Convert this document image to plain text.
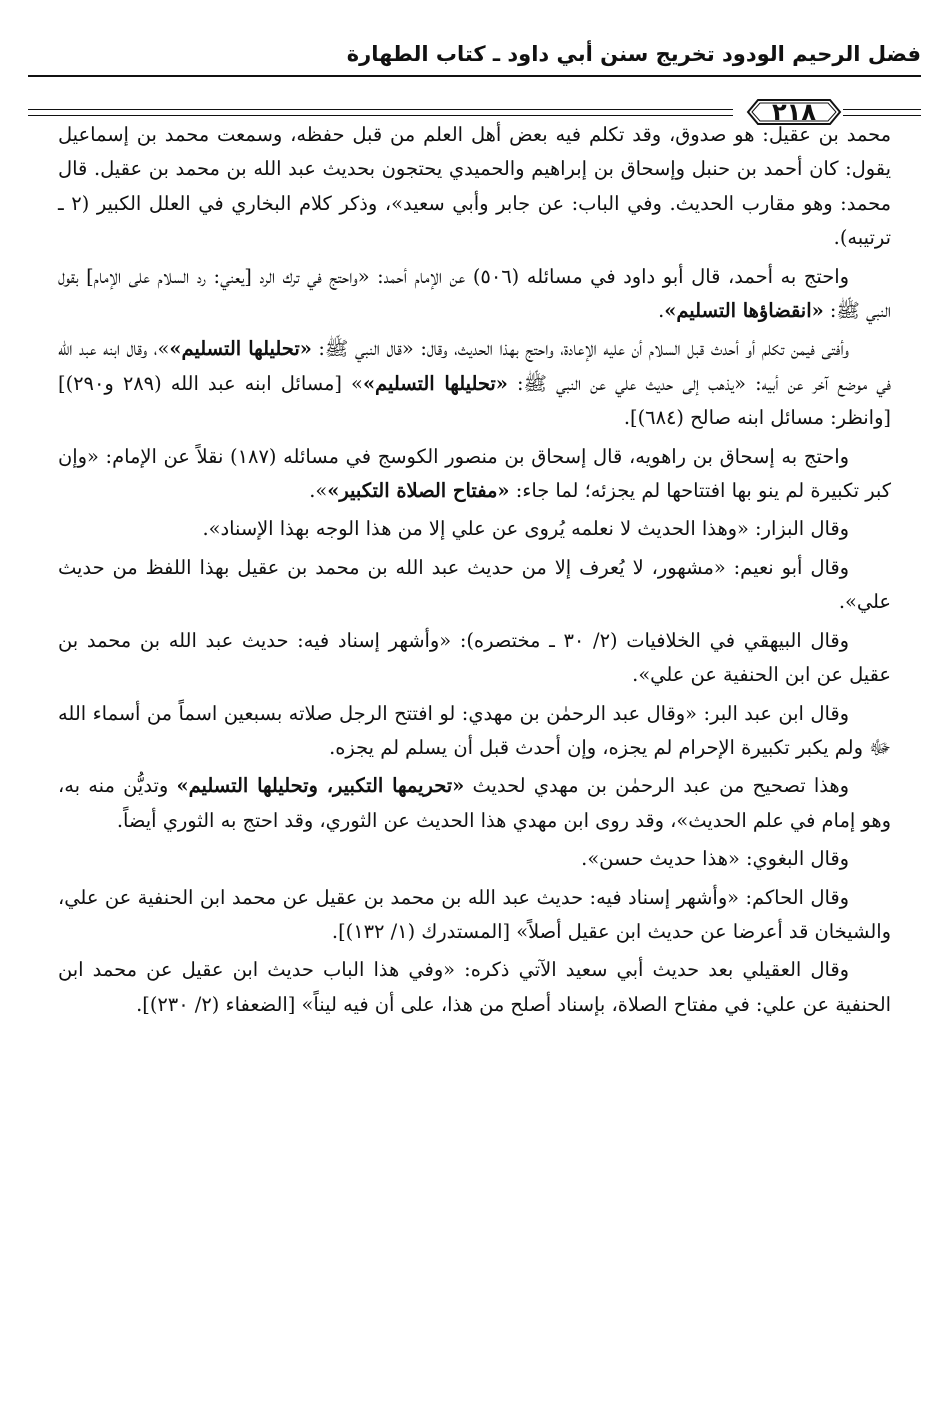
فضل الرحيم الودود تخريج سنن أبي داود ـ كتاب الطهارة
٢١٨

محمد بن عقيل: هو صدوق، وقد تكلم فيه بعض أهل العلم من قبل حفظه، وسمعت محمد بن إسماعيل يقول: كان أحمد بن حنبل وإسحاق بن إبراهيم والحميدي يحتجون بحديث عبد الله بن محمد بن عقيل. قال محمد: وهو مقارب الحديث. وفي الباب: عن جابر وأبي سعيد»، وذكر كلام البخاري في العلل الكبير (٢ ـ ترتيبه).

واحتج به أحمد، قال أبو داود في مسائله (٥٠٦) عن الإمام أحمد: «واحتج في ترك الرد [يعني: رد السلام على الإمام] بقول النبي ﷺ: «انقضاؤها التسليم».

وأفتى فيمن تكلم أو أحدث قبل السلام أن عليه الإعادة، واحتج بهذا الحديث، وقال: «قال النبي ﷺ: «تحليلها التسليم»»، وقال ابنه عبد الله في موضع آخر عن أبيه: «يذهب إلى حديث علي عن النبي ﷺ: «تحليلها التسليم»» [مسائل ابنه عبد الله (٢٨٩ و٢٩٠)] [وانظر: مسائل ابنه صالح (٦٨٤)].

واحتج به إسحاق بن راهويه، قال إسحاق بن منصور الكوسج في مسائله (١٨٧) نقلاً عن الإمام: «وإن كبر تكبيرة لم ينو بها افتتاحها لم يجزئه؛ لما جاء: «مفتاح الصلاة التكبير»».

وقال البزار: «وهذا الحديث لا نعلمه يُروى عن علي إلا من هذا الوجه بهذا الإسناد».

وقال أبو نعيم: «مشهور، لا يُعرف إلا من حديث عبد الله بن محمد بن عقيل بهذا اللفظ من حديث علي».

وقال البيهقي في الخلافيات (٢/ ٣٠ ـ مختصره): «وأشهر إسناد فيه: حديث عبد الله بن محمد بن عقيل عن ابن الحنفية عن علي».

وقال ابن عبد البر: «وقال عبد الرحمٰن بن مهدي: لو افتتح الرجل صلاته بسبعين اسماً من أسماء الله ﷻ ولم يكبر تكبيرة الإحرام لم يجزه، وإن أحدث قبل أن يسلم لم يجزه.

وهذا تصحيح من عبد الرحمٰن بن مهدي لحديث «تحريمها التكبير، وتحليلها التسليم» وتديُّن منه به، وهو إمام في علم الحديث»، وقد روى ابن مهدي هذا الحديث عن الثوري، وقد احتج به الثوري أيضاً.

وقال البغوي: «هذا حديث حسن».

وقال الحاكم: «وأشهر إسناد فيه: حديث عبد الله بن محمد بن عقيل عن محمد ابن الحنفية عن علي، والشيخان قد أعرضا عن حديث ابن عقيل أصلاً» [المستدرك (١/ ١٣٢)].

وقال العقيلي بعد حديث أبي سعيد الآتي ذكره: «وفي هذا الباب حديث ابن عقيل عن محمد ابن الحنفية عن علي: في مفتاح الصلاة، بإسناد أصلح من هذا، على أن فيه ليناً» [الضعفاء (٢/ ٢٣٠)].
